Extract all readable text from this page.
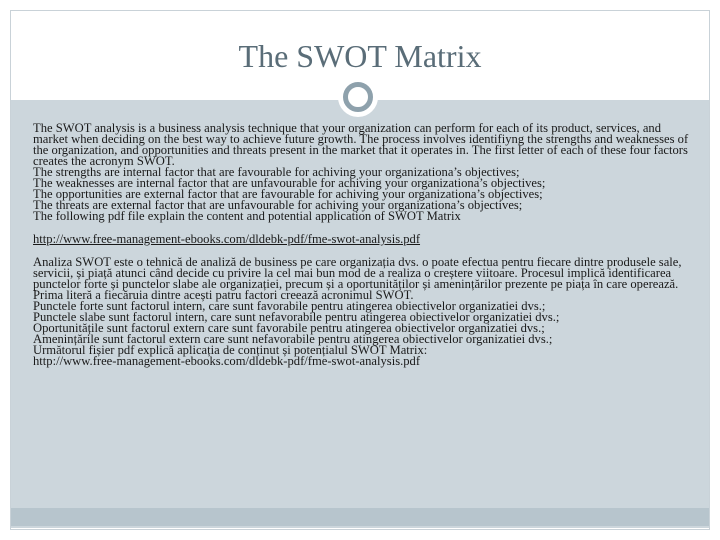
The SWOT Matrix

The SWOT analysis is a business analysis technique that your organization can perform for each of its product, services, and market when deciding on the best way to achieve future growth. The process involves identifiyng the strengths and weaknesses of the organization, and opportunities and threats present in the market that it operates in. The first letter of each of these four factors creates the acronym SWOT.

The strengths are internal factor that are favourable for achiving your organizationa’s objectives;

The weaknesses are internal factor that are unfavourable for achiving your organizationa’s objectives;

The opportunities are external factor that are favourable for achiving your organizationa’s objectives;

The threats are external factor that are unfavourable for achiving your organizationa’s objectives;

The following pdf file explain the content and potential application of SWOT Matrix

http://www.free-management-ebooks.com/dldebk-pdf/fme-swot-analysis.pdf

Analiza SWOT este o tehnică de analiză de business pe care organizația dvs. o poate efectua pentru fiecare dintre produsele sale, servicii, și piață atunci când decide cu privire la cel mai bun mod de a realiza o creștere viitoare. Procesul implică identificarea punctelor forte și punctelor slabe ale organizației, precum și a oportunităților și amenințărilor prezente pe piața în care operează. Prima literă a fiecăruia dintre acești patru factori creează acronimul SWOT.

Punctele forte sunt factorul intern, care sunt favorabile pentru atingerea obiectivelor organizatiei dvs.;

Punctele slabe sunt factorul intern, care sunt nefavorabile pentru atingerea obiectivelor organizatiei dvs.;

Oportunitățile sunt factorul extern care sunt favorabile pentru atingerea obiectivelor organizatiei dvs.;

Amenințările sunt factorul extern care sunt nefavorabile pentru atingerea obiectivelor organizatiei dvs.;

Următorul fișier pdf explică aplicația de conținut și potențialul SWOT Matrix:

http://www.free-management-ebooks.com/dldebk-pdf/fme-swot-analysis.pdf
